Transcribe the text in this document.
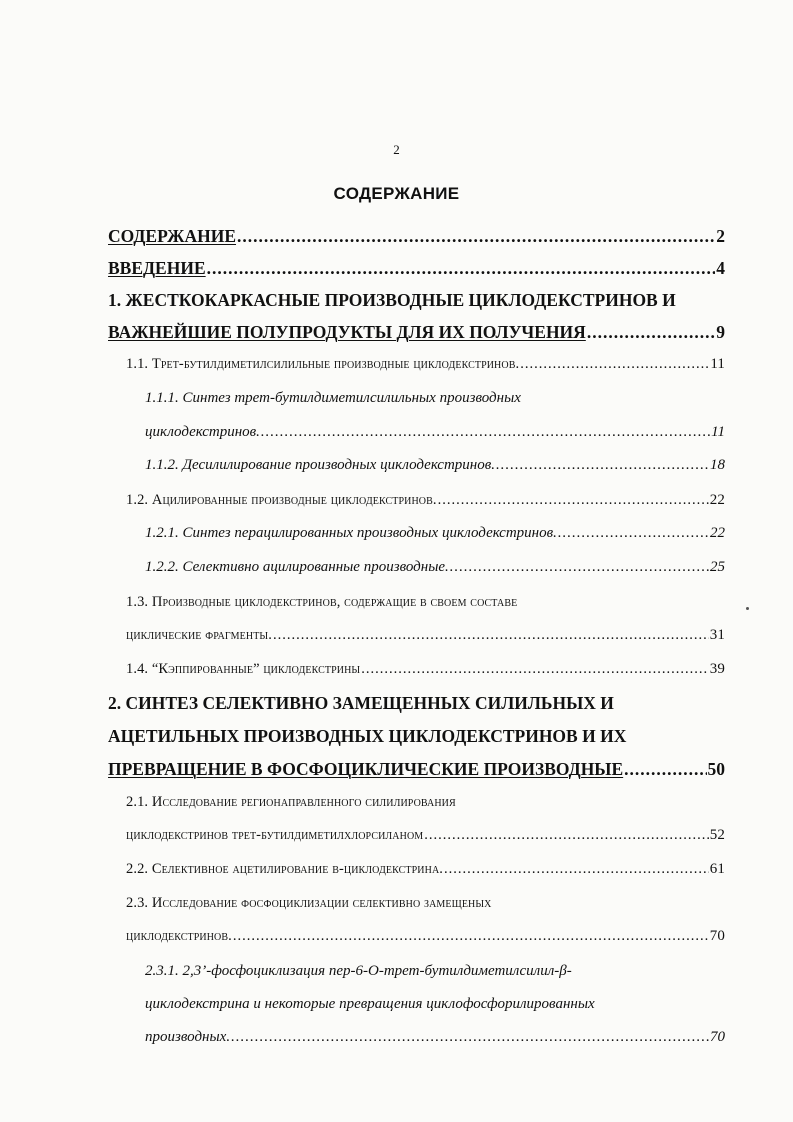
2
СОДЕРЖАНИЕ
СОДЕРЖАНИЕ .....	2
ВВЕДЕНИЕ .....	4
1. ЖЕСТКОКАРКАСНЫЕ ПРОИЗВОДНЫЕ ЦИКЛОДЕКСТРИНОВ И
ВАЖНЕЙШИЕ ПОЛУПРОДУКТЫ ДЛЯ ИХ ПОЛУЧЕНИЯ .....	9
1.1. Трет-бутилдиметилсилильные производные циклодекстринов. .....	11
1.1.1. Синтез трет-бутилдиметилсилильных производных
циклодекстринов. .....	11
1.1.2. Десилилирование производных циклодекстринов. .....	18
1.2. Ацилированные производные циклодекстринов. .....	22
1.2.1. Синтез перацилированных производных циклодекстринов. .....	22
1.2.2. Селективно ацилированные производные. .....	25
1.3. Производные циклодекстринов, содержащие в своем составе
циклические фрагменты. .....	31
1.4. “Кэппированные” циклодекстрины .....	39
2. СИНТЕЗ СЕЛЕКТИВНО ЗАМЕЩЕННЫХ СИЛИЛЬНЫХ И
АЦЕТИЛЬНЫХ ПРОИЗВОДНЫХ ЦИКЛОДЕКСТРИНОВ И ИХ
ПРЕВРАЩЕНИЕ В ФОСФОЦИКЛИЧЕСКИЕ ПРОИЗВОДНЫЕ .....	50
2.1. Исследование регионаправленного силилирования
циклодекстринов трет-бутилдиметилхлорсиланом .....	52
2.2. Селективное ацетилирование β-циклодекстрина. .....	61
2.3. Исследование фосфоциклизации селективно замещеных
циклодекстринов. .....	70
2.3.1. 2,3’-фосфоциклизация пер-6-О-трет-бутилдиметилсилил-β-
циклодекстрина и некоторые превращения циклофосфорилированных
производных. .....	70
